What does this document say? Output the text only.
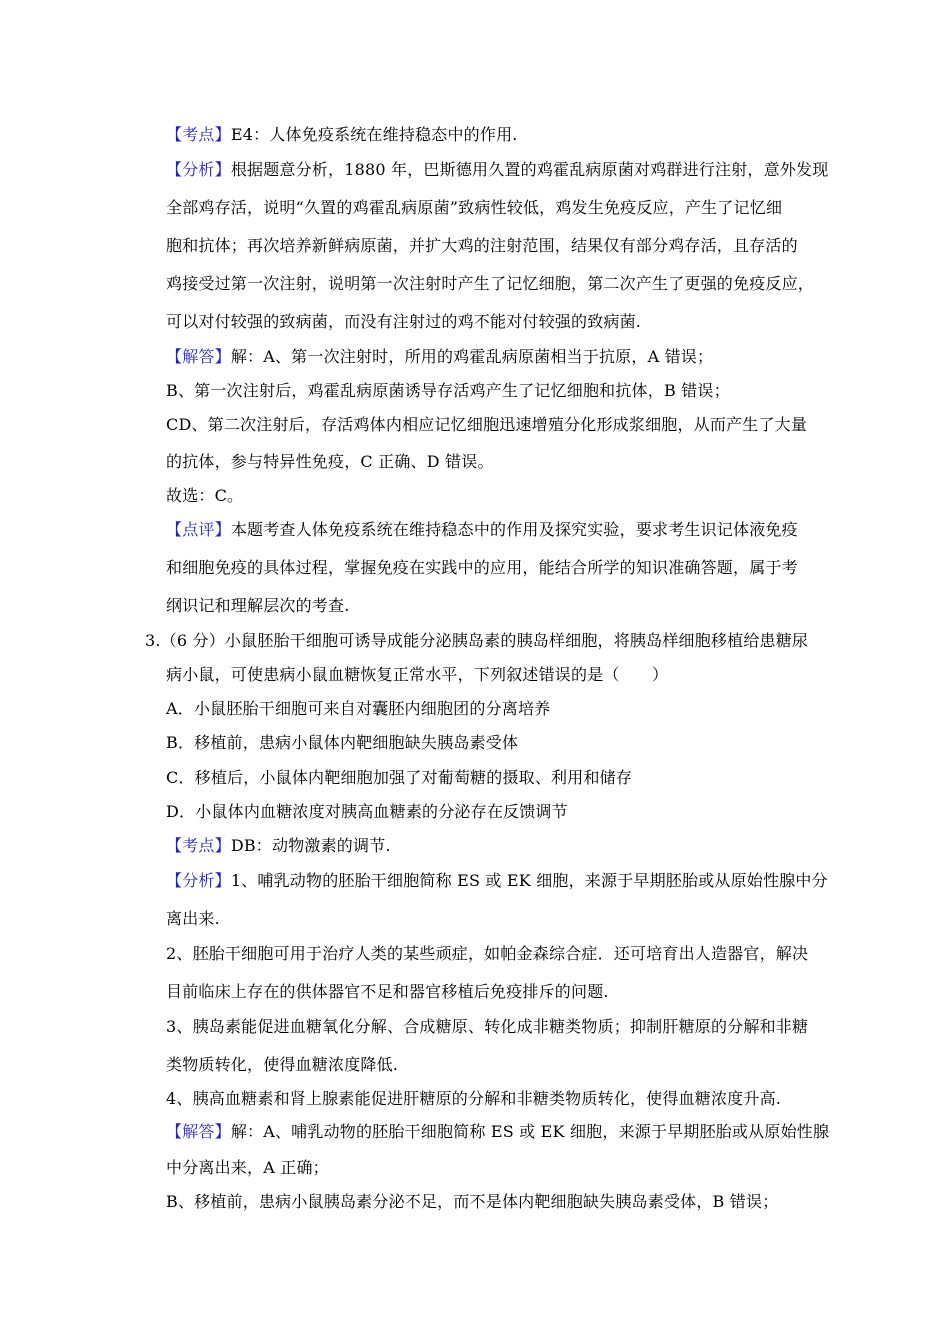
【考点】E4：人体免疫系统在维持稳态中的作用.
【分析】根据题意分析，1880 年，巴斯德用久置的鸡霍乱病原菌对鸡群进行注射，意外发现
全部鸡存活，说明“久置的鸡霍乱病原菌”致病性较低，鸡发生免疫反应，产生了记忆细
胞和抗体；再次培养新鲜病原菌，并扩大鸡的注射范围，结果仅有部分鸡存活，且存活的
鸡接受过第一次注射，说明第一次注射时产生了记忆细胞，第二次产生了更强的免疫反应，
可以对付较强的致病菌，而没有注射过的鸡不能对付较强的致病菌.
【解答】解：A、第一次注射时，所用的鸡霍乱病原菌相当于抗原，A 错误；
B、第一次注射后，鸡霍乱病原菌诱导存活鸡产生了记忆细胞和抗体，B 错误；
CD、第二次注射后，存活鸡体内相应记忆细胞迅速增殖分化形成浆细胞，从而产生了大量
的抗体，参与特异性免疫，C 正确、D 错误。
故选：C。
【点评】本题考查人体免疫系统在维持稳态中的作用及探究实验，要求考生识记体液免疫
和细胞免疫的具体过程，掌握免疫在实践中的应用，能结合所学的知识准确答题，属于考
纲识记和理解层次的考查.
3.（6 分）小鼠胚胎干细胞可诱导成能分泌胰岛素的胰岛样细胞，将胰岛样细胞移植给患糖尿
病小鼠，可使患病小鼠血糖恢复正常水平，下列叙述错误的是（　　）
A．小鼠胚胎干细胞可来自对囊胚内细胞团的分离培养
B．移植前，患病小鼠体内靶细胞缺失胰岛素受体
C．移植后，小鼠体内靶细胞加强了对葡萄糖的摄取、利用和储存
D．小鼠体内血糖浓度对胰高血糖素的分泌存在反馈调节
【考点】DB：动物激素的调节.
【分析】1、哺乳动物的胚胎干细胞简称 ES 或 EK 细胞，来源于早期胚胎或从原始性腺中分
离出来.
2、胚胎干细胞可用于治疗人类的某些顽症，如帕金森综合症．还可培育出人造器官，解决
目前临床上存在的供体器官不足和器官移植后免疫排斥的问题.
3、胰岛素能促进血糖氧化分解、合成糖原、转化成非糖类物质；抑制肝糖原的分解和非糖
类物质转化，使得血糖浓度降低.
4、胰高血糖素和肾上腺素能促进肝糖原的分解和非糖类物质转化，使得血糖浓度升高.
【解答】解：A、哺乳动物的胚胎干细胞简称 ES 或 EK 细胞，来源于早期胚胎或从原始性腺
中分离出来，A 正确；
B、移植前，患病小鼠胰岛素分泌不足，而不是体内靶细胞缺失胰岛素受体，B 错误；
